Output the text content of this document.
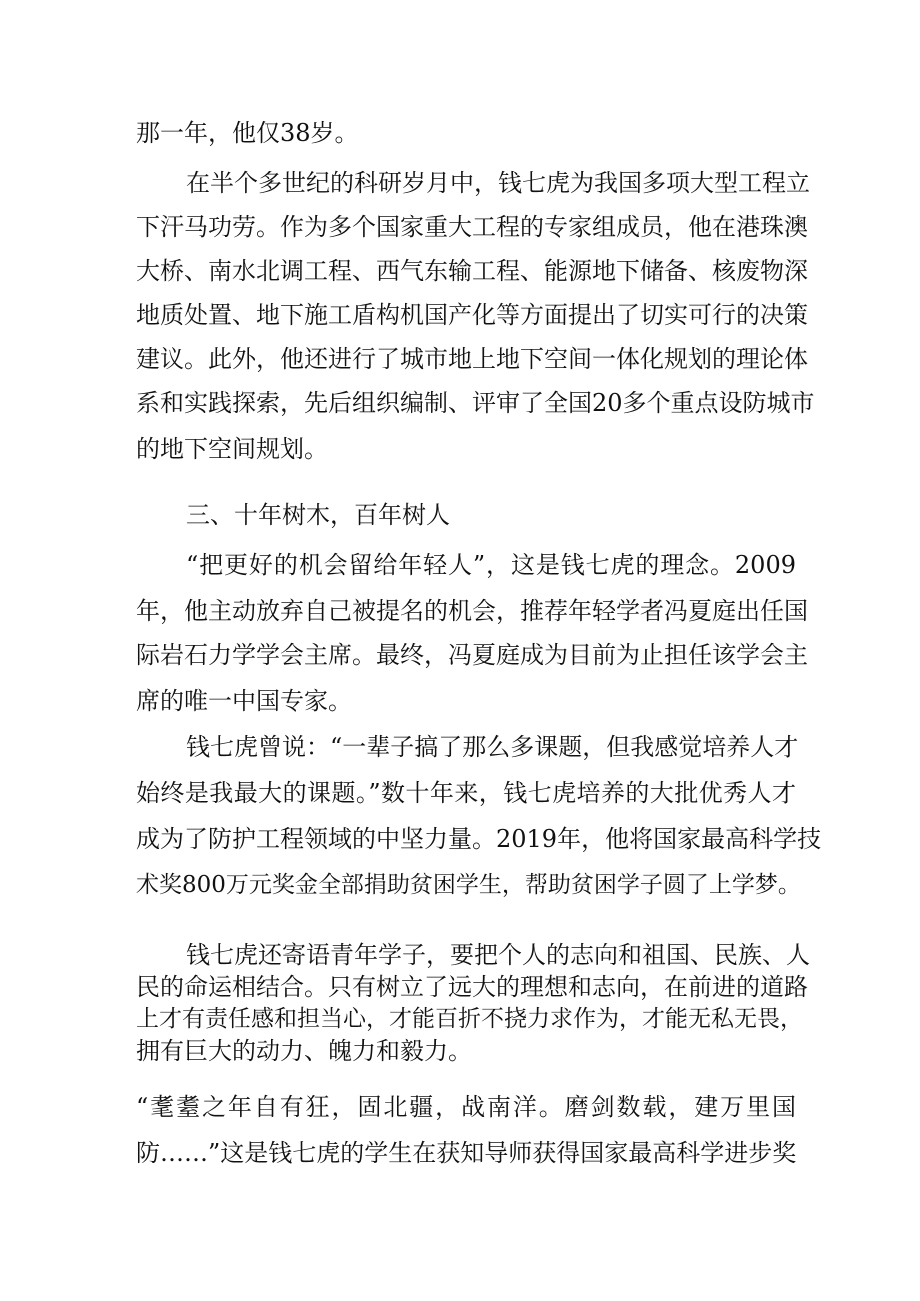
那一年，他仅38岁。
在半个多世纪的科研岁月中，钱七虎为我国多项大型工程立
下汗马功劳。作为多个国家重大工程的专家组成员，他在港珠澳
大桥、南水北调工程、西气东输工程、能源地下储备、核废物深
地质处置、地下施工盾构机国产化等方面提出了切实可行的决策
建议。此外，他还进行了城市地上地下空间一体化规划的理论体
系和实践探索，先后组织编制、评审了全国20多个重点设防城市
的地下空间规划。
三、十年树木，百年树人
“把更好的机会留给年轻人”，这是钱七虎的理念。2009
年，他主动放弃自己被提名的机会，推荐年轻学者冯夏庭出任国
际岩石力学学会主席。最终，冯夏庭成为目前为止担任该学会主
席的唯一中国专家。
钱七虎曾说：“一辈子搞了那么多课题，但我感觉培养人才
始终是我最大的课题。”数十年来，钱七虎培养的大批优秀人才
成为了防护工程领域的中坚力量。2019年，他将国家最高科学技
术奖800万元奖金全部捐助贫困学生，帮助贫困学子圆了上学梦。
钱七虎还寄语青年学子，要把个人的志向和祖国、民族、人
民的命运相结合。只有树立了远大的理想和志向，在前进的道路
上才有责任感和担当心，才能百折不挠力求作为，才能无私无畏，
拥有巨大的动力、魄力和毅力。
“耄耋之年自有狂，固北疆，战南洋。磨剑数载，建万里国
防……”这是钱七虎的学生在获知导师获得国家最高科学进步奖
